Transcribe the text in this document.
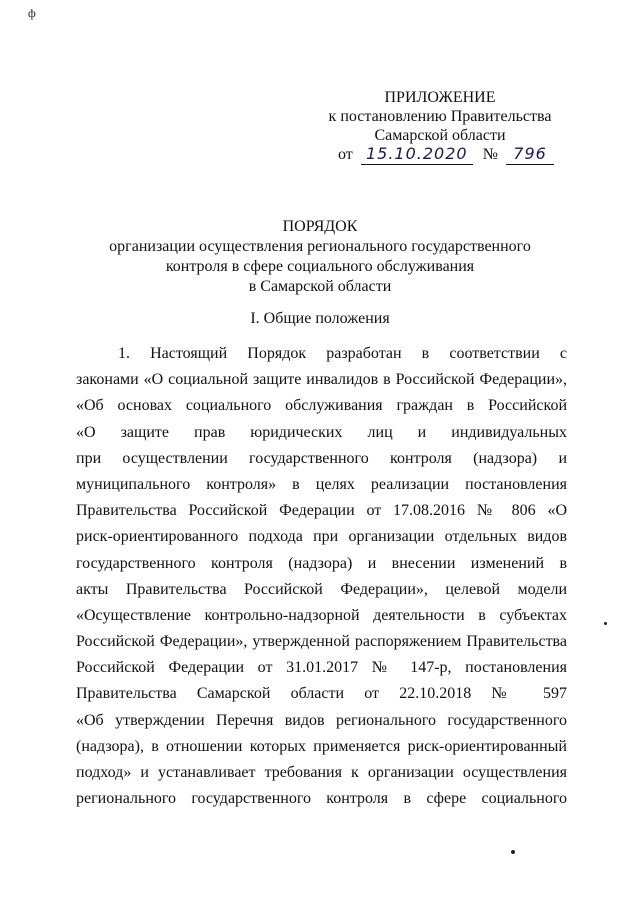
ф
ПРИЛОЖЕНИЕ
к постановлению Правительства
Самарской области
от 15.10.2020 № 796
ПОРЯДОК
организации осуществления регионального государственного
контроля в сфере социального обслуживания
в Самарской области
I. Общие положения
1. Настоящий Порядок разработан в соответствии с
законами «О социальной защите инвалидов в Российской Федерации»,
«Об основах социального обслуживания граждан в Российской
«О защите прав юридических лиц и индивидуальных
при осуществлении государственного контроля (надзора) и
муниципального контроля» в целях реализации постановления
Правительства Российской Федерации от 17.08.2016 № 806 «О
риск-ориентированного подхода при организации отдельных видов
государственного контроля (надзора) и внесении изменений в
акты Правительства Российской Федерации», целевой модели
«Осуществление контрольно-надзорной деятельности в субъектах
Российской Федерации», утвержденной распоряжением Правительства
Российской Федерации от 31.01.2017 № 147-р, постановления
Правительства Самарской области от 22.10.2018 № 597
«Об утверждении Перечня видов регионального государственного
(надзора), в отношении которых применяется риск-ориентированный
подход» и устанавливает требования к организации осуществления
регионального государственного контроля в сфере социального
